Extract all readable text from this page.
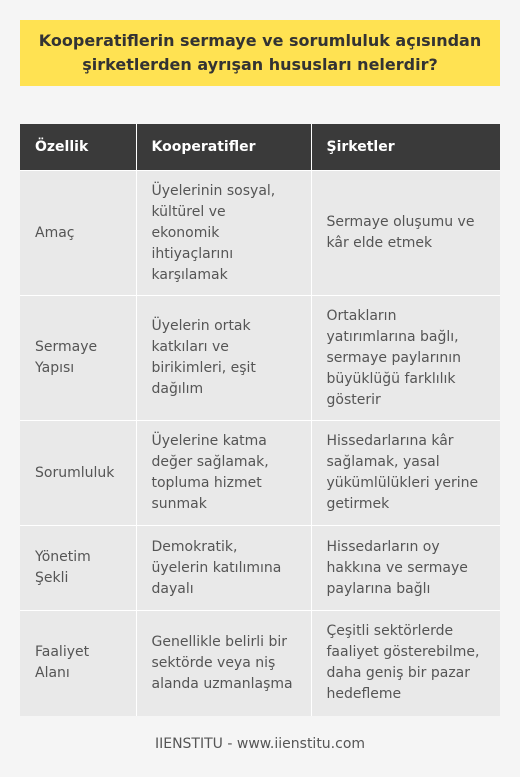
Kooperatiflerin sermaye ve sorumluluk açısından
şirketlerden ayrışan hususları nelerdir?
Özellik	Kooperatifler	Şirketler
Amaç	Üyelerinin sosyal, kültürel ve ekonomik ihtiyaçlarını karşılamak	Sermaye oluşumu ve kâr elde etmek
Sermaye Yapısı	Üyelerin ortak katkıları ve birikimleri, eşit dağılım	Ortakların yatırımlarına bağlı, sermaye paylarının büyüklüğü farklılık gösterir
Sorumluluk	Üyelerine katma değer sağlamak, topluma hizmet sunmak	Hissedarlarına kâr sağlamak, yasal yükümlülükleri yerine getirmek
Yönetim Şekli	Demokratik, üyelerin katılımına dayalı	Hissedarların oy hakkına ve sermaye paylarına bağlı
Faaliyet Alanı	Genellikle belirli bir sektörde veya niş alanda uzmanlaşma	Çeşitli sektörlerde faaliyet gösterebilme, daha geniş bir pazar hedefleme
IIENSTITU - www.iienstitu.com
